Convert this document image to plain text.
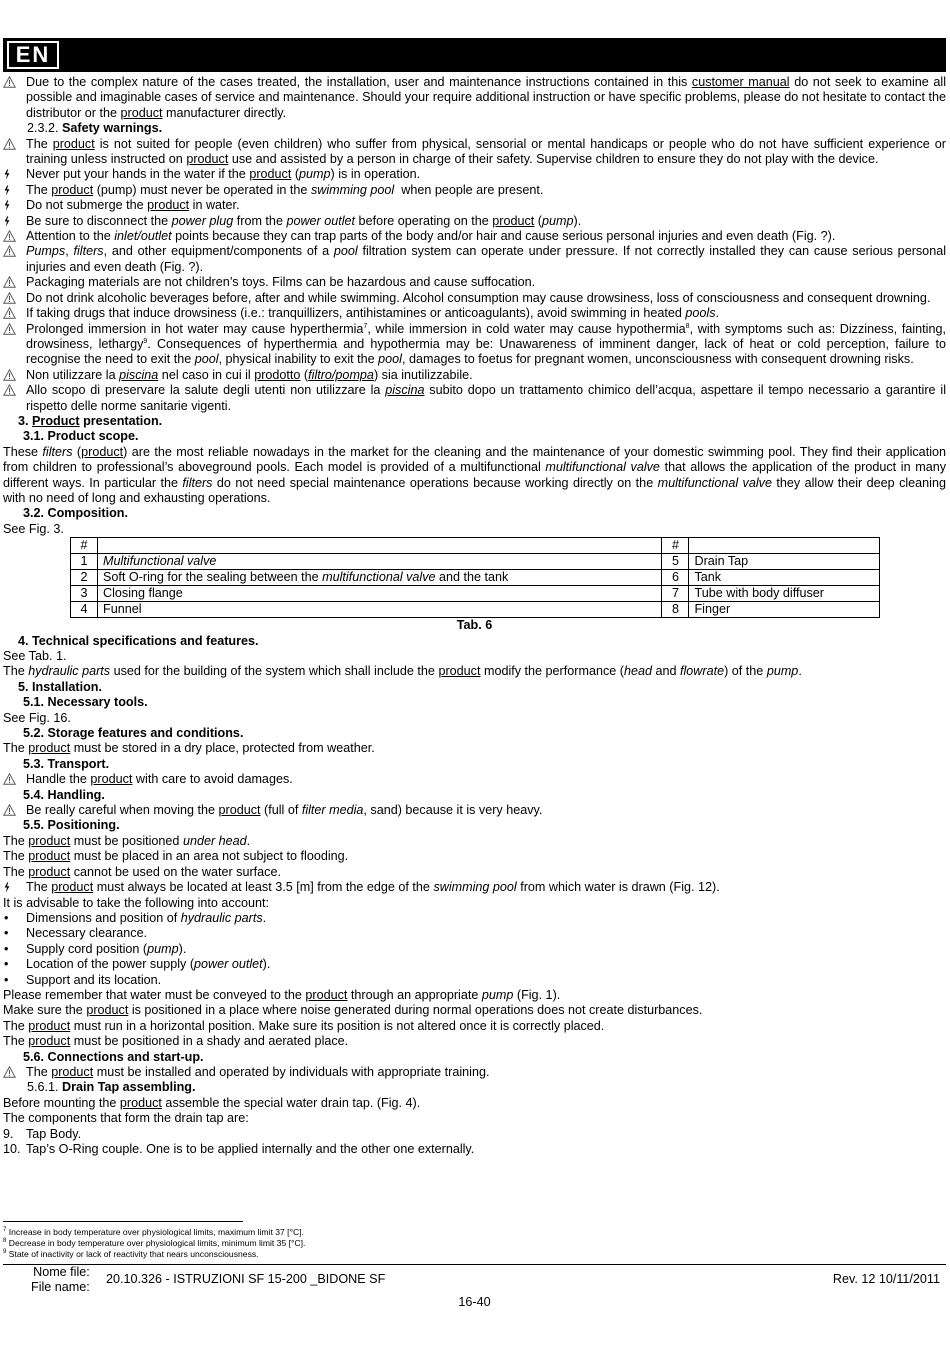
EN

Due to the complex nature of the cases treated, the installation, user and maintenance instructions contained in this customer manual do not seek to examine all possible and imaginable cases of service and maintenance. Should your require additional instruction or have specific problems, please do not hesitate to contact the distributor or the product manufacturer directly.

2.3.2. Safety warnings.

The product is not suited for people (even children) who suffer from physical, sensorial or mental handicaps or people who do not have sufficient experience or training unless instructed on product use and assisted by a person in charge of their safety. Supervise children to ensure they do not play with the device.

Never put your hands in the water if the product (pump) is in operation.

The product (pump) must never be operated in the swimming pool  when people are present.

Do not submerge the product in water.

Be sure to disconnect the power plug from the power outlet before operating on the product (pump).

Attention to the inlet/outlet points because they can trap parts of the body and/or hair and cause serious personal injuries and even death (Fig. ?).

Pumps, filters, and other equipment/components of a pool filtration system can operate under pressure. If not correctly installed they can cause serious personal injuries and even death (Fig. ?).

Packaging materials are not children’s toys. Films can be hazardous and cause suffocation.

Do not drink alcoholic beverages before, after and while swimming. Alcohol consumption may cause drowsiness, loss of consciousness and consequent drowning.

If taking drugs that induce drowsiness (i.e.: tranquillizers, antihistamines or anticoagulants), avoid swimming in heated pools.

Prolonged immersion in hot water may cause hyperthermia$^7$, while immersion in cold water may cause hypothermia$^8$, with symptoms such as: Dizziness, fainting, drowsiness, lethargy$^9$. Consequences of hyperthermia and hypothermia may be: Unawareness of imminent danger, lack of heat or cold perception, failure to recognise the need to exit the pool, physical inability to exit the pool, damages to foetus for pregnant women, unconsciousness with consequent drowning risks.

Non utilizzare la piscina nel caso in cui il prodotto (filtro/pompa) sia inutilizzabile.

Allo scopo di preservare la salute degli utenti non utilizzare la piscina subito dopo un trattamento chimico dell’acqua, aspettare il tempo necessario a garantire il rispetto delle norme sanitarie vigenti.

3. Product presentation.

3.1. Product scope.

These filters (product) are the most reliable nowadays in the market for the cleaning and the maintenance of your domestic swimming pool. They find their application from children to professional’s aboveground pools. Each model is provided of a multifunctional multifunctional valve that allows the application of the product in many different ways. In particular the filters do not need special maintenance operations because working directly on the multifunctional valve they allow their deep cleaning with no need of long and exhausting operations.

3.2. Composition.

See Fig. 3.

#		#	
1	Multifunctional valve	5	Drain Tap
2	Soft O-ring for the sealing between the multifunctional valve and the tank	6	Tank
3	Closing flange	7	Tube with body diffuser
4	Funnel	8	Finger

Tab. 6

4. Technical specifications and features.

See Tab. 1.

The hydraulic parts used for the building of the system which shall include the product modify the performance (head and flowrate) of the pump.

5. Installation.

5.1. Necessary tools.

See Fig. 16.

5.2. Storage features and conditions.

The product must be stored in a dry place, protected from weather.

5.3. Transport.

Handle the product with care to avoid damages.

5.4. Handling.

Be really careful when moving the product (full of filter media, sand) because it is very heavy.

5.5. Positioning.

The product must be positioned under head.

The product must be placed in an area not subject to flooding.

The product cannot be used on the water surface.

The product must always be located at least 3.5 [m] from the edge of the swimming pool from which water is drawn (Fig. 12).

It is advisable to take the following into account:

• Dimensions and position of hydraulic parts.

• Necessary clearance.

• Supply cord position (pump).

• Location of the power supply (power outlet).

• Support and its location.

Please remember that water must be conveyed to the product through an appropriate pump (Fig. 1).

Make sure the product is positioned in a place where noise generated during normal operations does not create disturbances.

The product must run in a horizontal position. Make sure its position is not altered once it is correctly placed.

The product must be positioned in a shady and aerated place.

5.6. Connections and start-up.

The product must be installed and operated by individuals with appropriate training.

5.6.1. Drain Tap assembling.

Before mounting the product assemble the special water drain tap. (Fig. 4).

The components that form the drain tap are:

9. Tap Body.

10. Tap’s O-Ring couple. One is to be applied internally and the other one externally.

$^7$ Increase in body temperature over physiological limits, maximum limit 37 [°C].
$^8$ Decrease in body temperature over physiological limits, minimum limit 35 [°C].
$^9$ State of inactivity or lack of reactivity that nears unconsciousness.
Nome file:
File name:
20.10.326 - ISTRUZIONI SF 15-200 _BIDONE SF	Rev. 12 10/11/2011
16-40
